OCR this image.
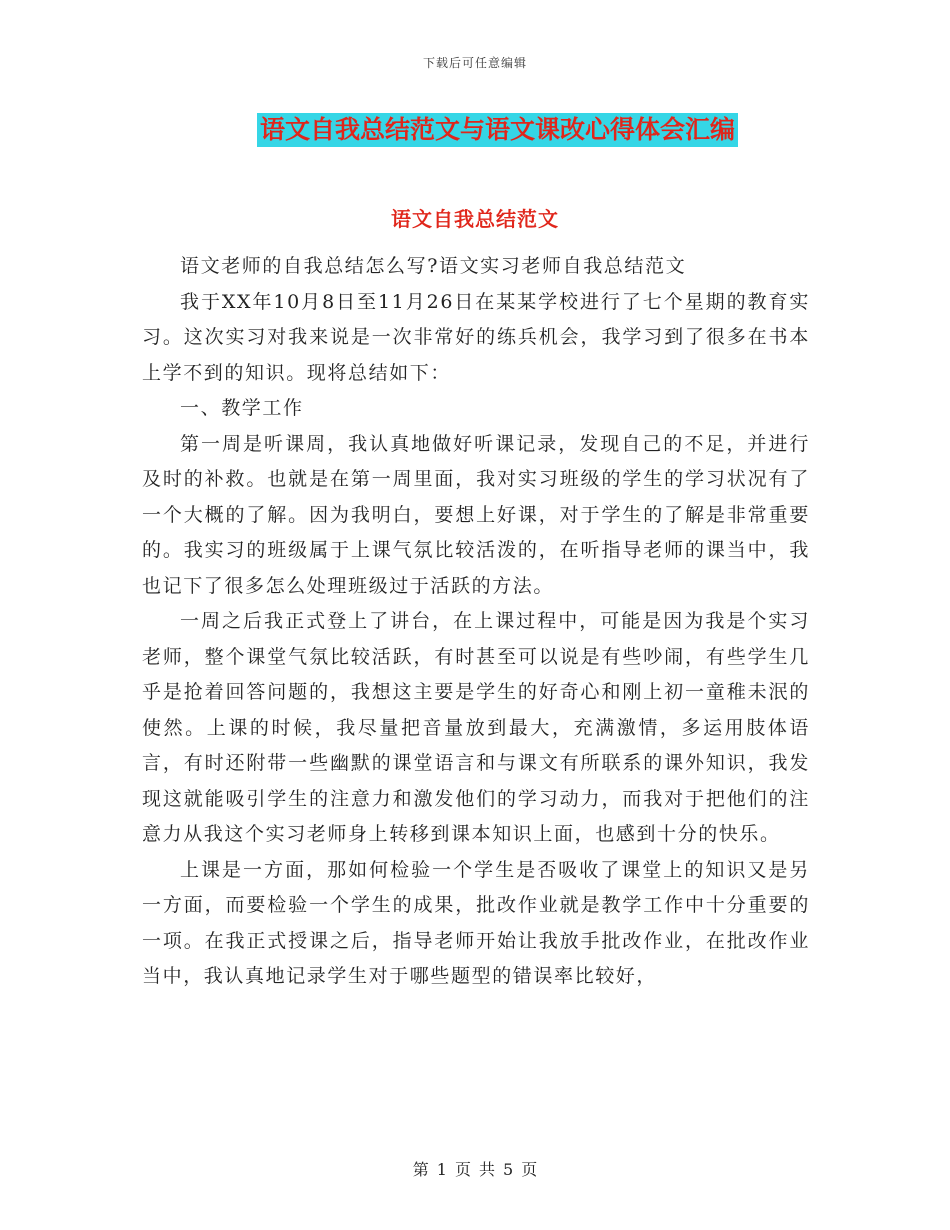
下载后可任意编辑
语文自我总结范文与语文课改心得体会汇编
语文自我总结范文

语文老师的自我总结怎么写?语文实习老师自我总结范文

我于XX年10月8日至11月26日在某某学校进行了七个星期的教育实习。这次实习对我来说是一次非常好的练兵机会，我学习到了很多在书本上学不到的知识。现将总结如下：

一、教学工作

第一周是听课周，我认真地做好听课记录，发现自己的不足，并进行及时的补救。也就是在第一周里面，我对实习班级的学生的学习状况有了一个大概的了解。因为我明白，要想上好课，对于学生的了解是非常重要的。我实习的班级属于上课气氛比较活泼的，在听指导老师的课当中，我也记下了很多怎么处理班级过于活跃的方法。

一周之后我正式登上了讲台，在上课过程中，可能是因为我是个实习老师，整个课堂气氛比较活跃，有时甚至可以说是有些吵闹，有些学生几乎是抢着回答问题的，我想这主要是学生的好奇心和刚上初一童稚未泯的使然。上课的时候，我尽量把音量放到最大，充满激情，多运用肢体语言，有时还附带一些幽默的课堂语言和与课文有所联系的课外知识，我发现这就能吸引学生的注意力和激发他们的学习动力，而我对于把他们的注意力从我这个实习老师身上转移到课本知识上面，也感到十分的快乐。

上课是一方面，那如何检验一个学生是否吸收了课堂上的知识又是另一方面，而要检验一个学生的成果，批改作业就是教学工作中十分重要的一项。在我正式授课之后，指导老师开始让我放手批改作业，在批改作业当中，我认真地记录学生对于哪些题型的错误率比较好，

第 1 页 共 5 页
